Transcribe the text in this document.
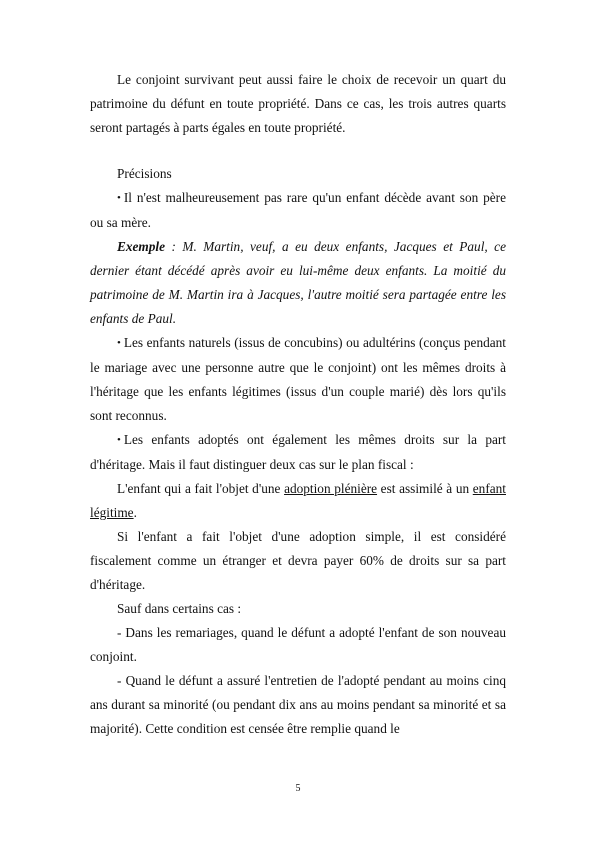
Le conjoint survivant peut aussi faire le choix de recevoir un quart du patrimoine du défunt en toute propriété. Dans ce cas, les trois autres quarts seront partagés à parts égales en toute propriété.

Précisions

• Il n'est malheureusement pas rare qu'un enfant décède avant son père ou sa mère.

Exemple : M. Martin, veuf, a eu deux enfants, Jacques et Paul, ce dernier étant décédé après avoir eu lui-même deux enfants. La moitié du patrimoine de M. Martin ira à Jacques, l'autre moitié sera partagée entre les enfants de Paul.

• Les enfants naturels (issus de concubins) ou adultérins (conçus pendant le mariage avec une personne autre que le conjoint) ont les mêmes droits à l'héritage que les enfants légitimes (issus d'un couple marié) dès lors qu'ils sont reconnus.

• Les enfants adoptés ont également les mêmes droits sur la part d'héritage. Mais il faut distinguer deux cas sur le plan fiscal :

L'enfant qui a fait l'objet d'une adoption plénière est assimilé à un enfant légitime.

Si l'enfant a fait l'objet d'une adoption simple, il est considéré fiscalement comme un étranger et devra payer 60% de droits sur sa part d'héritage.

Sauf dans certains cas :

- Dans les remariages, quand le défunt a adopté l'enfant de son nouveau conjoint.

- Quand le défunt a assuré l'entretien de l'adopté pendant au moins cinq ans durant sa minorité (ou pendant dix ans au moins pendant sa minorité et sa majorité). Cette condition est censée être remplie quand le

5
